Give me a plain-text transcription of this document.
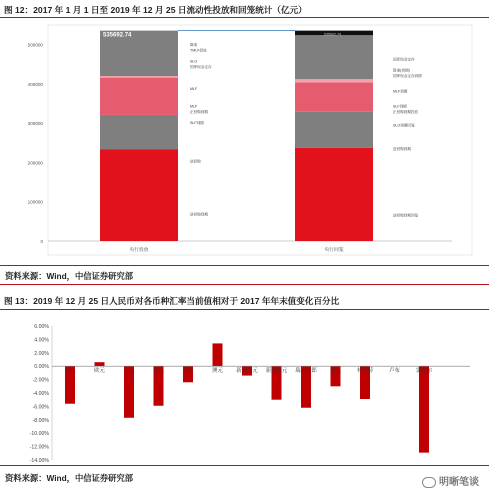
图 12：2017 年 1 月 1 日至 2019 年 12 月 25 日流动性投放和回笼统计（亿元）
0
100000
200000
300000
400000
500000
央行投放	央行回笼
535692.74	535692.74
MLF
正回购到期
SLF到期
MLF
逆回购
逆回购到期
降准
TMLF投放
SLO
国库现金定存
国库现金定存
降准(到期)
国库现金定存到期
MLF到期
SLF到期
正回购到期投放
SLO到期回笼
逆回购到期
逆回购到期回笼
资料来源：Wind，中信证券研究部
图 13：2019 年 12 月 25 日人民币对各币种汇率当前值相对于 2017 年年末值变化百分比
6.00%
4.00%
2.00%
0.00%
-2.00%
-4.00%
-6.00%
-8.00%
-10.00%
-12.00%
-14.00%
美元	欧元	日元	港元	英镑	澳元 新西兰元 新加坡元 瑞士法郎 加元	林吉特	卢布	雷亚尔
资料来源：Wind，中信证券研究部	明晰笔谈
